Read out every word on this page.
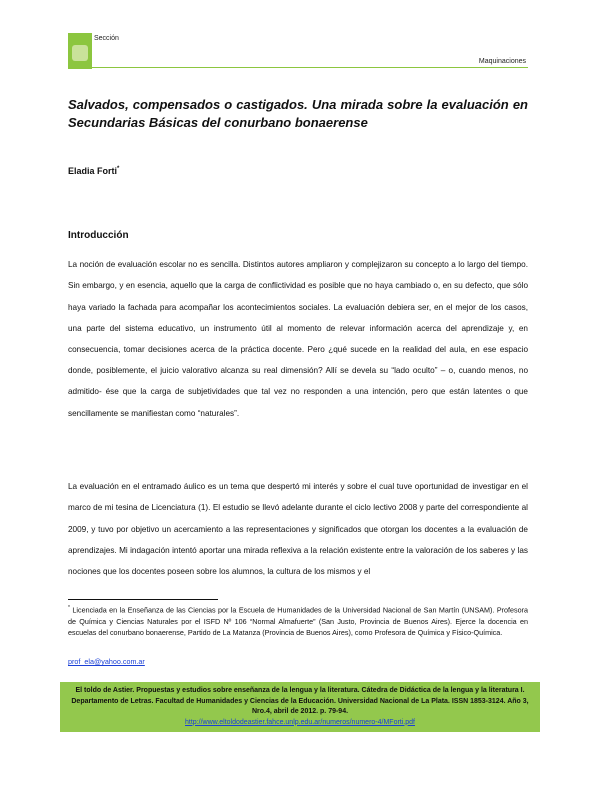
Sección
Maquinaciones
Salvados, compensados o castigados. Una mirada sobre la evaluación en Secundarias Básicas del conurbano bonaerense
Eladia Forti*
Introducción

La noción de evaluación escolar no es sencilla. Distintos autores ampliaron y complejizaron su concepto a lo largo del tiempo. Sin embargo, y en esencia, aquello que la carga de conflictividad es posible que no haya cambiado o, en su defecto, que sólo haya variado la fachada para acompañar los acontecimientos sociales. La evaluación debiera ser, en el mejor de los casos, una parte del sistema educativo, un instrumento útil al momento de relevar información acerca del aprendizaje y, en consecuencia, tomar decisiones acerca de la práctica docente. Pero ¿qué sucede en la realidad del aula, en ese espacio donde, posiblemente, el juicio valorativo alcanza su real dimensión? Allí se devela su “lado oculto” – o, cuando menos, no admitido- ése que la carga de subjetividades que tal vez no responden a una intención, pero que están latentes o que sencillamente se manifiestan como “naturales”.

La evaluación en el entramado áulico es un tema que despertó mi interés y sobre el cual tuve oportunidad de investigar en el marco de mi tesina de Licenciatura (1). El estudio se llevó adelante durante el ciclo lectivo 2008 y parte del correspondiente al 2009, y tuvo por objetivo un acercamiento a las representaciones y significados que otorgan los docentes a la evaluación de aprendizajes. Mi indagación intentó aportar una mirada reflexiva a la relación existente entre la valoración de los saberes y las nociones que los docentes poseen sobre los alumnos, la cultura de los mismos y el

* Licenciada en la Enseñanza de las Ciencias por la Escuela de Humanidades de la Universidad Nacional de San Martín (UNSAM). Profesora de Química y Ciencias Naturales por el ISFD Nº 106 “Normal Almafuerte” (San Justo, Provincia de Buenos Aires). Ejerce la docencia en escuelas del conurbano bonaerense, Partido de La Matanza (Provincia de Buenos Aires), como Profesora de Química y Físico-Química.
prof_ela@yahoo.com.ar
El toldo de Astier. Propuestas y estudios sobre enseñanza de la lengua y la literatura. Cátedra de Didáctica de la lengua y la literatura I. Departamento de Letras. Facultad de Humanidades y Ciencias de la Educación. Universidad Nacional de La Plata. ISSN 1853-3124. Año 3, Nro.4, abril de 2012. p. 79-94.
http://www.eltoldodeastier.fahce.unlp.edu.ar/numeros/numero-4/MForti.pdf
